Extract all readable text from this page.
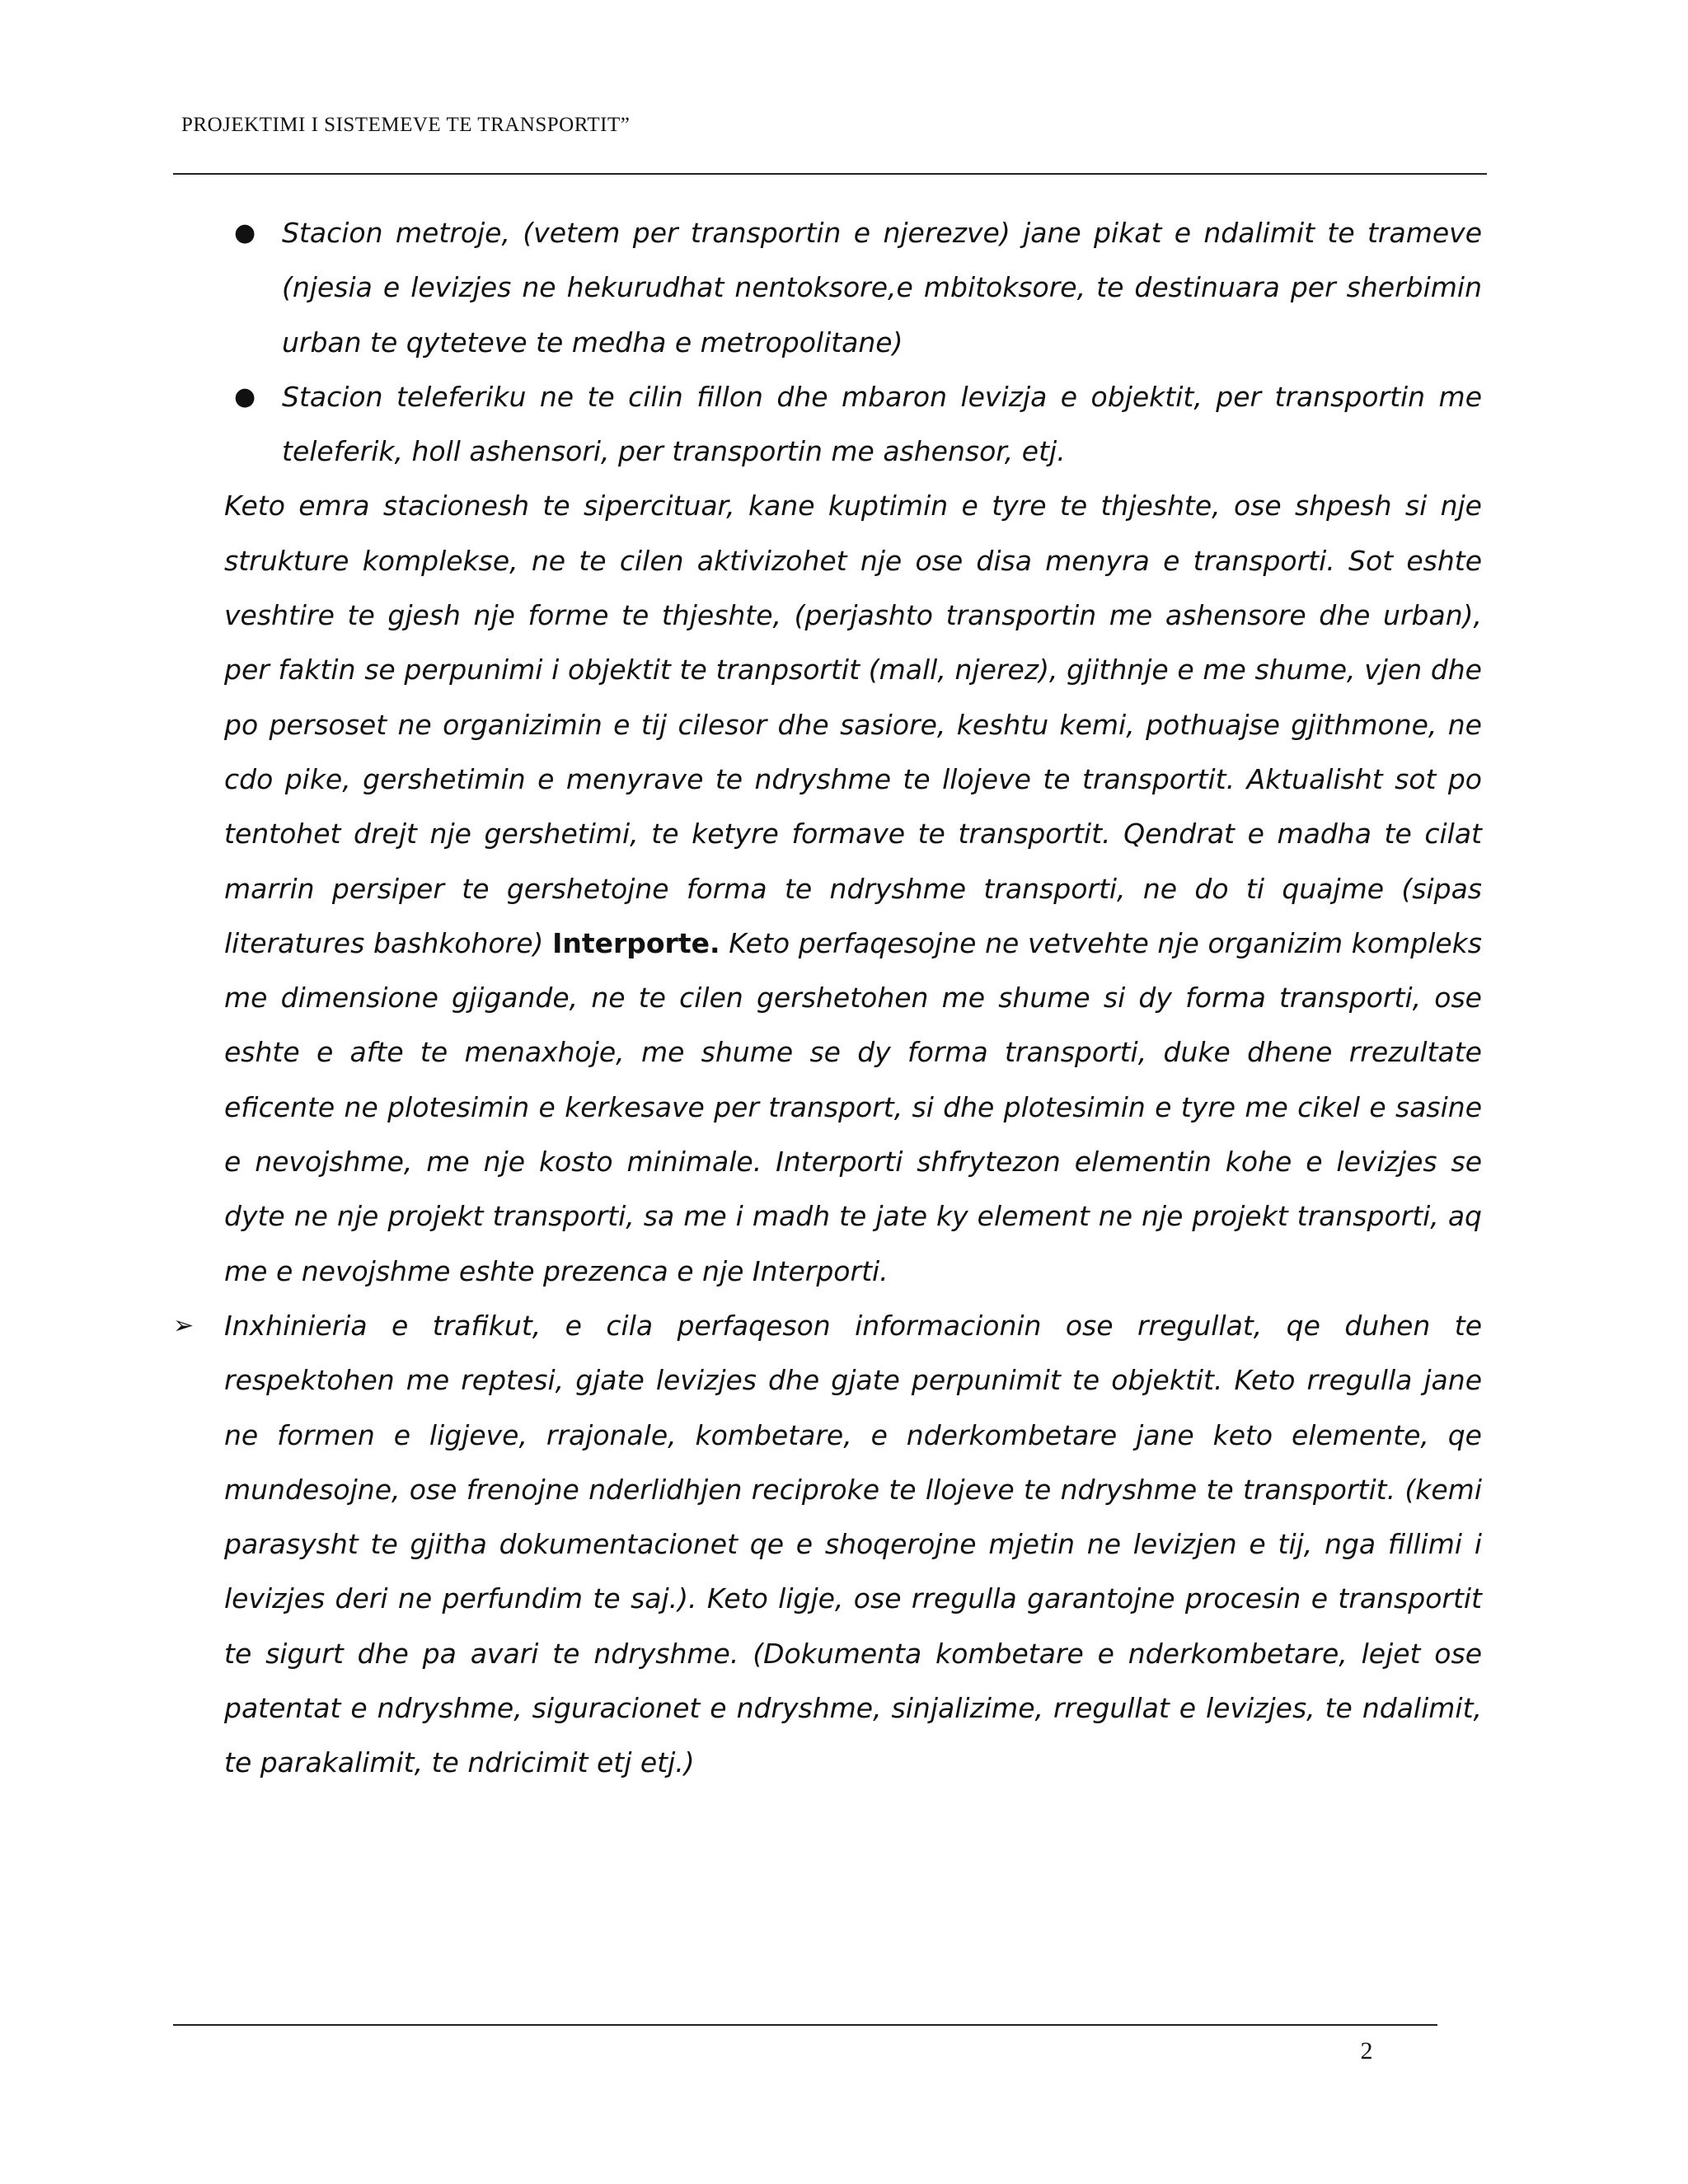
PROJEKTIMI I SISTEMEVE TE TRANSPORTIT”
● Stacion metroje, (vetem per transportin e njerezve) jane pikat e ndalimit te trameve (njesia e levizjes ne hekurudhat nentoksore,e mbitoksore, te destinuara per sherbimin urban te qyteteve te medha e metropolitane)
● Stacion teleferiku ne te cilin fillon dhe mbaron levizja e objektit, per transportin me teleferik, holl ashensori, per transportin me ashensor, etj.
Keto emra stacionesh te sipercituar, kane kuptimin e tyre te thjeshte, ose shpesh si nje strukture komplekse, ne te cilen aktivizohet nje ose disa menyra e transporti. Sot eshte veshtire te gjesh nje forme te thjeshte, (perjashto transportin me ashensore dhe urban), per faktin se perpunimi i objektit te tranpsortit (mall, njerez), gjithnje e me shume, vjen dhe po persoset ne organizimin e tij cilesor dhe sasiore, keshtu kemi, pothuajse gjithmone, ne cdo pike, gershetimin e menyrave te ndryshme te llojeve te transportit. Aktualisht sot po tentohet drejt nje gershetimi, te ketyre formave te transportit. Qendrat e madha te cilat marrin persiper te gershetojne forma te ndryshme transporti, ne do ti quajme (sipas literatures bashkohore) Interporte. Keto perfaqesojne ne vetvehte nje organizim kompleks me dimensione gjigande, ne te cilen gershetohen me shume si dy forma transporti, ose eshte e afte te menaxhoje, me shume se dy forma transporti, duke dhene rrezultate eficente ne plotesimin e kerkesave per transport, si dhe plotesimin e tyre me cikel e sasine e nevojshme, me nje kosto minimale. Interporti shfrytezon elementin kohe e levizjes se dyte ne nje projekt transporti, sa me i madh te jate ky element ne nje projekt transporti, aq me e nevojshme eshte prezenca e nje Interporti.
➢ Inxhinieria e trafikut, e cila perfaqeson informacionin ose rregullat, qe duhen te respektohen me reptesi, gjate levizjes dhe gjate perpunimit te objektit. Keto rregulla jane ne formen e ligjeve, rrajonale, kombetare, e nderkombetare jane keto elemente, qe mundesojne, ose frenojne nderlidhjen reciproke te llojeve te ndryshme te transportit. (kemi parasysht te gjitha dokumentacionet qe e shoqerojne mjetin ne levizjen e tij, nga fillimi i levizjes deri ne perfundim te saj.). Keto ligje, ose rregulla garantojne procesin e transportit te sigurt dhe pa avari te ndryshme. (Dokumenta kombetare e nderkombetare, lejet ose patentat e ndryshme, siguracionet e ndryshme, sinjalizime, rregullat e levizjes, te ndalimit, te parakalimit, te ndricimit etj etj.)
2
